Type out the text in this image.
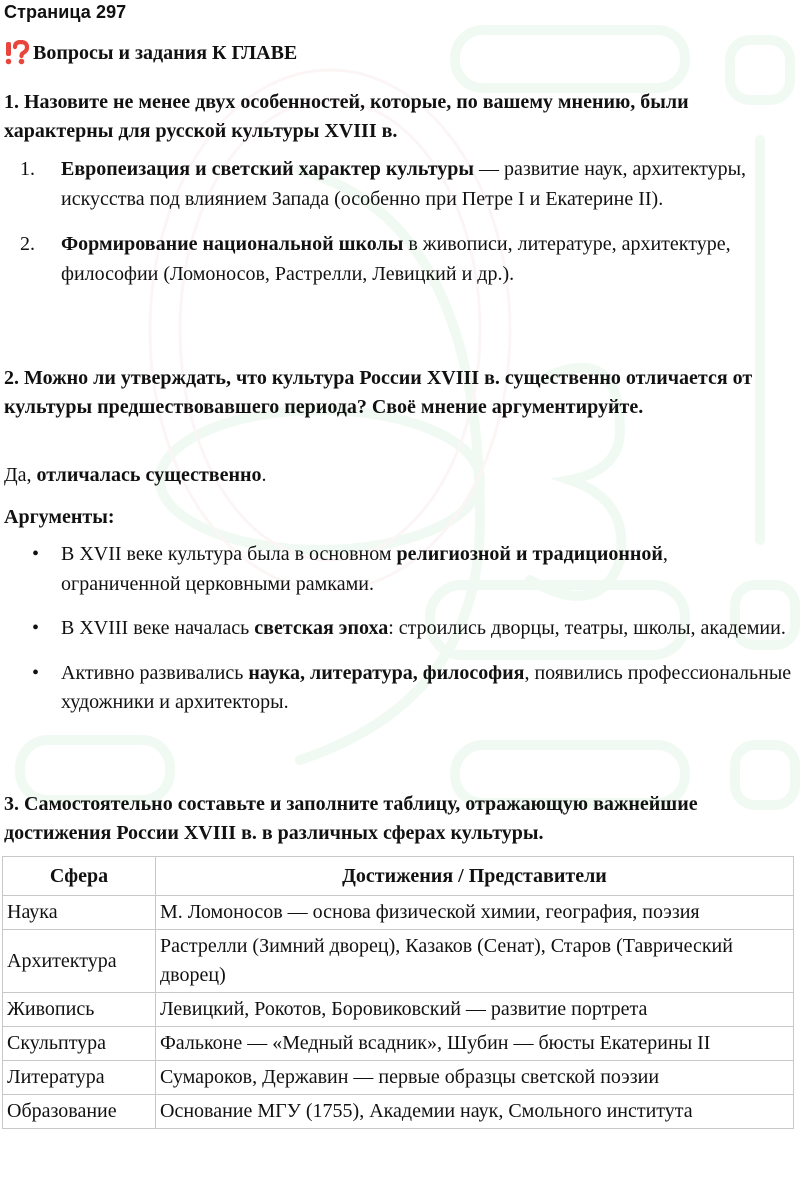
Страница 297
Вопросы и задания К ГЛАВЕ
1. Назовите не менее двух особенностей, которые, по вашему мнению, были характерны для русской культуры XVIII в.
1. Европеизация и светский характер культуры — развитие наук, архитектуры, искусства под влиянием Запада (особенно при Петре I и Екатерине II).
2. Формирование национальной школы в живописи, литературе, архитектуре, философии (Ломоносов, Растрелли, Левицкий и др.).
2. Можно ли утверждать, что культура России XVIII в. существенно отличается от культуры предшествовавшего периода? Своё мнение аргументируйте.
Да, отличалась существенно.
Аргументы:
• В XVII веке культура была в основном религиозной и традиционной, ограниченной церковными рамками.
• В XVIII веке началась светская эпоха: строились дворцы, театры, школы, академии.
• Активно развивались наука, литература, философия, появились профессиональные художники и архитекторы.
3. Самостоятельно составьте и заполните таблицу, отражающую важнейшие достижения России XVIII в. в различных сферах культуры.
Сфера	Достижения / Представители
Наука	М. Ломоносов — основа физической химии, география, поэзия
Архитектура	Растрелли (Зимний дворец), Казаков (Сенат), Старов (Таврический дворец)
Живопись	Левицкий, Рокотов, Боровиковский — развитие портрета
Скульптура	Фальконе — «Медный всадник», Шубин — бюсты Екатерины II
Литература	Сумароков, Державин — первые образцы светской поэзии
Образование	Основание МГУ (1755), Академии наук, Смольного института
